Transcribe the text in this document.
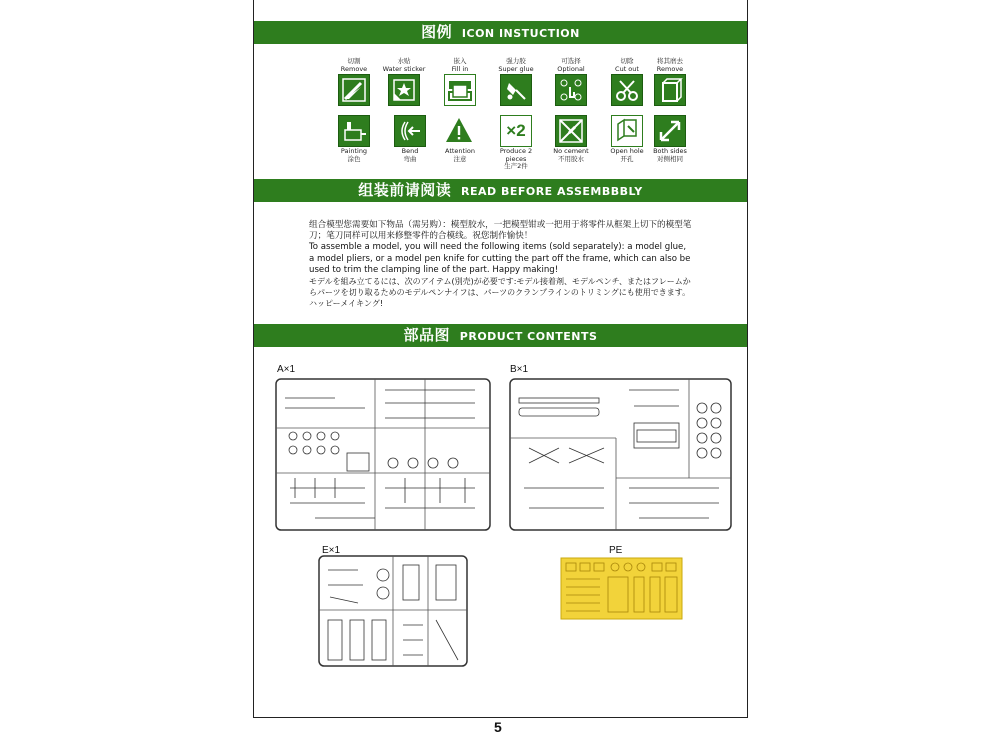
图例 ICON INSTUCTION
切割
Remove
水贴
Water sticker
嵌入
Fill in
强力胶
Super glue
可选择
Optional
切除
Cut out
将其磨去
Remove
Painting
涂色
Bend
弯曲
Attention
注意
×2
Produce 2 pieces
生产2件
No cement
不用胶水
Open hole
开孔
Both sides
对侧相同
组装前请阅读 READ BEFORE ASSEMBBBLY
部品图 PRODUCT CONTENTS
5

组合模型您需要如下物品（需另购）：模型胶水，一把模型钳或一把用于将零件从框架上切下的模型笔刀；笔刀同样可以用来修整零件的合模线。祝您制作愉快！

To assemble a model, you will need the following items (sold separately): a model glue, a model pliers, or a model pen knife for cutting the part off the frame, which can also be used to trim the clamping line of the part. Happy making!

モデルを組み立てるには、次のアイテム(別売)が必要です:モデル接着剤、モデルペンチ、またはフレームからパーツを切り取るためのモデルペンナイフは、パーツのクランプラインのトリミングにも使用できます。ハッピーメイキング!

A×1	B×1
E×1	PE
